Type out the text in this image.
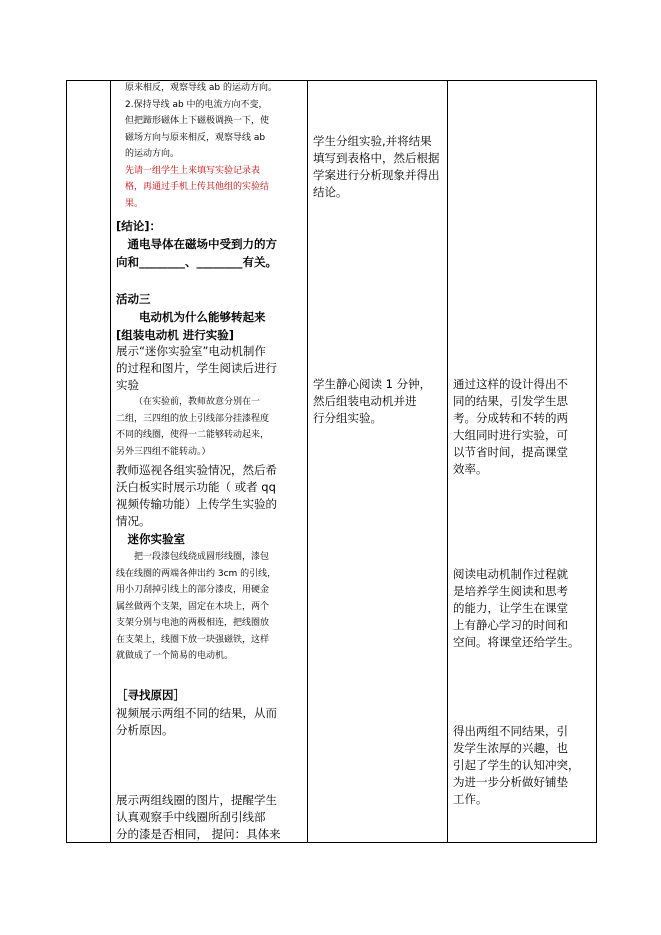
原来相反，观察导线 ab 的运动方向。

2.保持导线 ab 中的电流方向不变，

但把蹄形磁体上下磁极调换一下，使

磁场方向与原来相反，观察导线 ab

的运动方向。

先请一组学生上来填写实验记录表

格，再通过手机上传其他组的实验结

果。

[结论]：

通电导体在磁场中受到力的方

向和________、________有关。

活动三

电动机为什么能够转起来

[组装电动机 进行实验]

展示“迷你实验室”电动机制作

的过程和图片，学生阅读后进行

实验

（在实验前，教师故意分别在一

二组，三四组的放上引线部分挂漆程度

不同的线圈，使得一二能够转动起来，

另外三四组不能转动。）

教师巡视各组实验情况，然后希

沃白板实时展示功能（ 或者 qq

视频传输功能）上传学生实验的

情况。

迷你实验室

把一段漆包线绕成圆形线圈，漆包

线在线圈的两端各伸出约 3cm 的引线，

用小刀刮掉引线上的部分漆皮，用硬金

属丝做两个支架，固定在木块上，两个

支架分别与电池的两极相连，把线圈放

在支架上，线圈下放一块强磁铁，这样

就做成了一个简易的电动机。

［寻找原因］

视频展示两组不同的结果，从而

分析原因。

展示两组线圈的图片，提醒学生

认真观察手中线圈所刮引线部

分的漆是否相同， 提问：具体来

学生分组实验,并将结果

填写到表格中，然后根据

学案进行分析现象并得出

结论。

学生静心阅读 1 分钟，

然后组装电动机并进

行分组实验。

通过这样的设计得出不

同的结果，引发学生思

考。分成转和不转的两

大组同时进行实验，可

以节省时间，提高课堂

效率。

阅读电动机制作过程就

是培养学生阅读和思考

的能力，让学生在课堂

上有静心学习的时间和

空间。将课堂还给学生。

得出两组不同结果，引

发学生浓厚的兴趣，也

引起了学生的认知冲突，

为进一步分析做好铺垫

工作。
